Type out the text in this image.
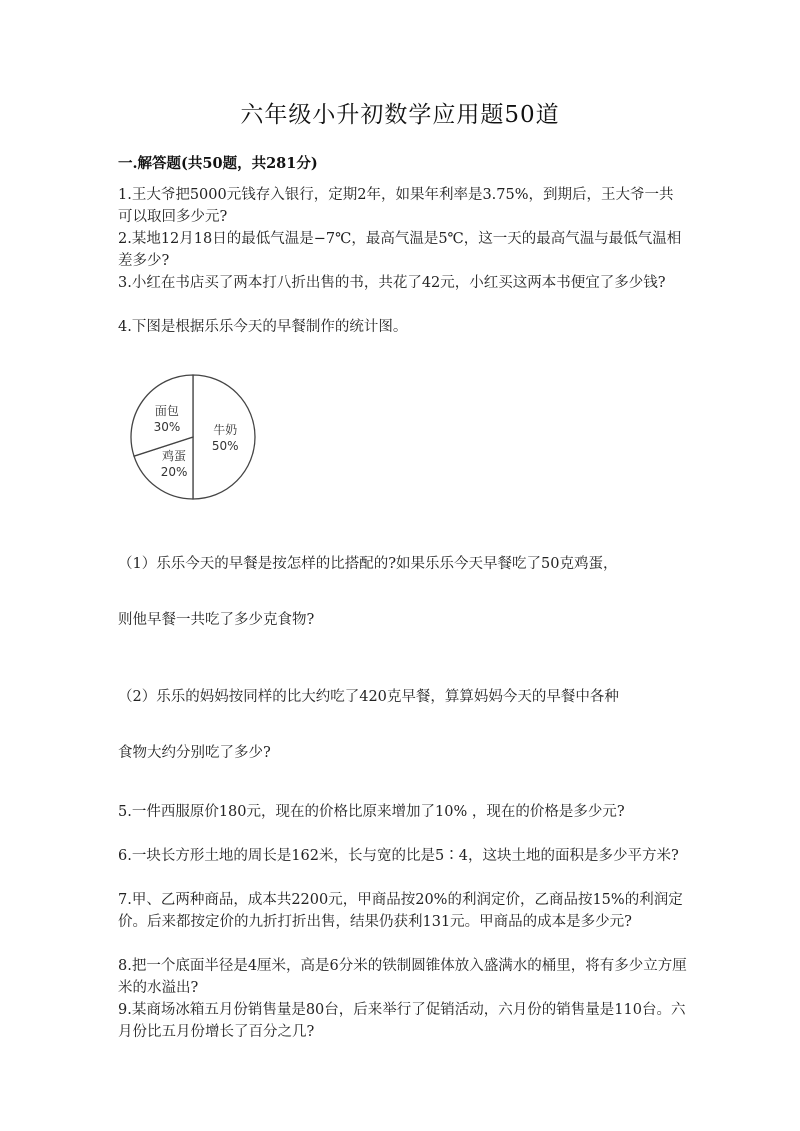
六年级小升初数学应用题50道
一.解答题(共50题，共281分)
1.王大爷把5000元钱存入银行，定期2年，如果年利率是3.75%，到期后，王大爷一共可以取回多少元?
2.某地12月18日的最低气温是−7℃，最高气温是5℃，这一天的最高气温与最低气温相差多少?
3.小红在书店买了两本打八折出售的书，共花了42元，小红买这两本书便宜了多少钱?
4.下图是根据乐乐今天的早餐制作的统计图。
牛奶
50%
鸡蛋
20%
面包
30%
（1）乐乐今天的早餐是按怎样的比搭配的?如果乐乐今天早餐吃了50克鸡蛋，
则他早餐一共吃了多少克食物?
（2）乐乐的妈妈按同样的比大约吃了420克早餐，算算妈妈今天的早餐中各种
食物大约分别吃了多少?
5.一件西服原价180元，现在的价格比原来增加了10% ，现在的价格是多少元?
6.一块长方形土地的周长是162米，长与宽的比是5∶4，这块土地的面积是多少平方米?
7.甲、乙两种商品，成本共2200元，甲商品按20%的利润定价，乙商品按15%的利润定价。后来都按定价的九折打折出售，结果仍获利131元。甲商品的成本是多少元?
8.把一个底面半径是4厘米，高是6分米的铁制圆锥体放入盛满水的桶里，将有多少立方厘米的水溢出?
9.某商场冰箱五月份销售量是80台，后来举行了促销活动，六月份的销售量是110台。六月份比五月份增长了百分之几?
